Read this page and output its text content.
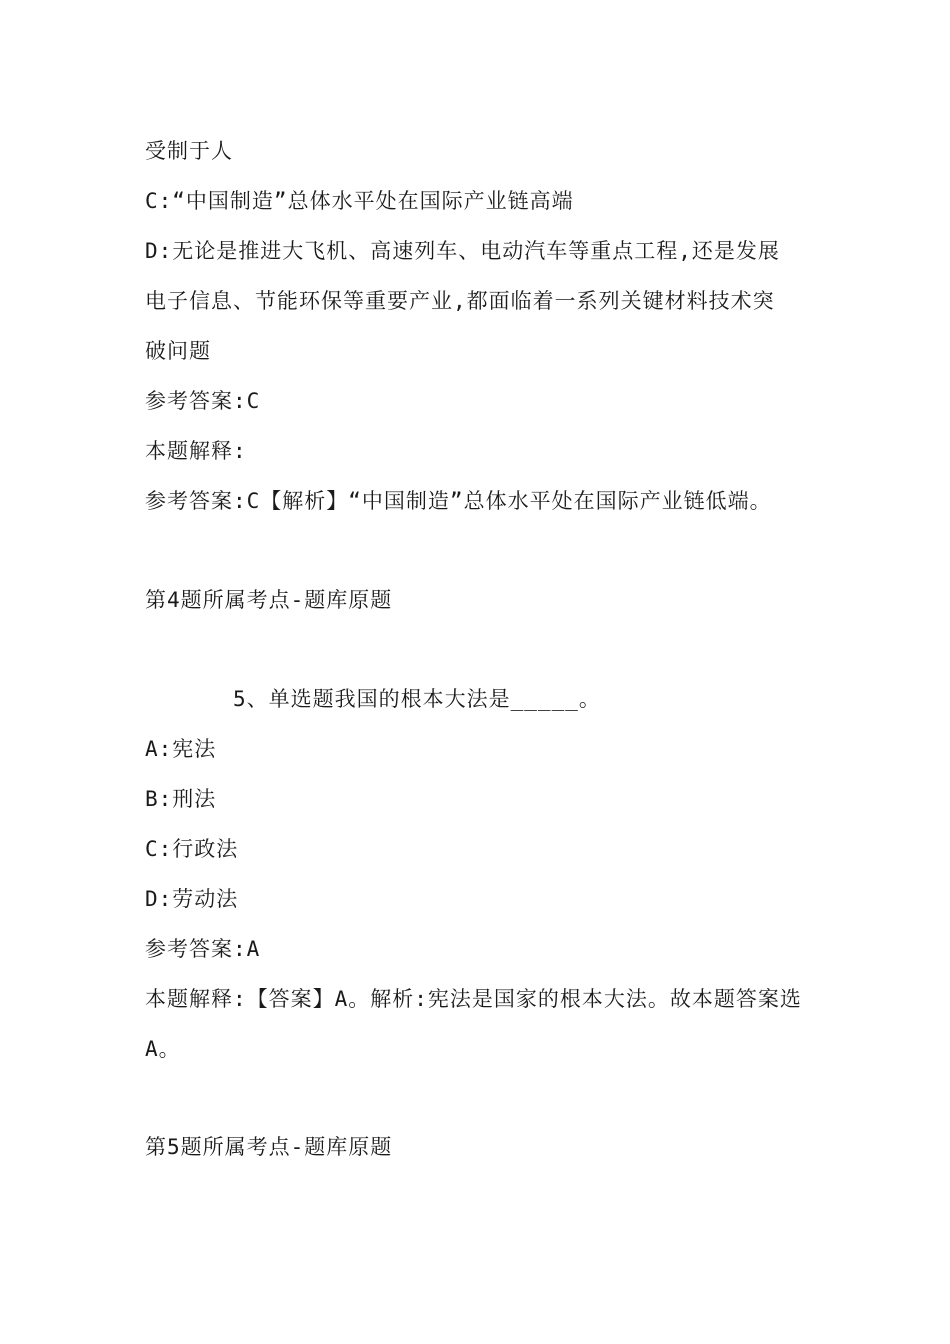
受制于人
C:“中国制造”总体水平处在国际产业链高端
D:无论是推进大飞机、高速列车、电动汽车等重点工程,还是发展
电子信息、节能环保等重要产业,都面临着一系列关键材料技术突
破问题
参考答案:C
本题解释:
参考答案:C【解析】“中国制造”总体水平处在国际产业链低端。
第4题所属考点-题库原题
5、单选题我国的根本大法是_____。
A:宪法
B:刑法
C:行政法
D:劳动法
参考答案:A
本题解释:【答案】A。解析:宪法是国家的根本大法。故本题答案选
A。
第5题所属考点-题库原题
